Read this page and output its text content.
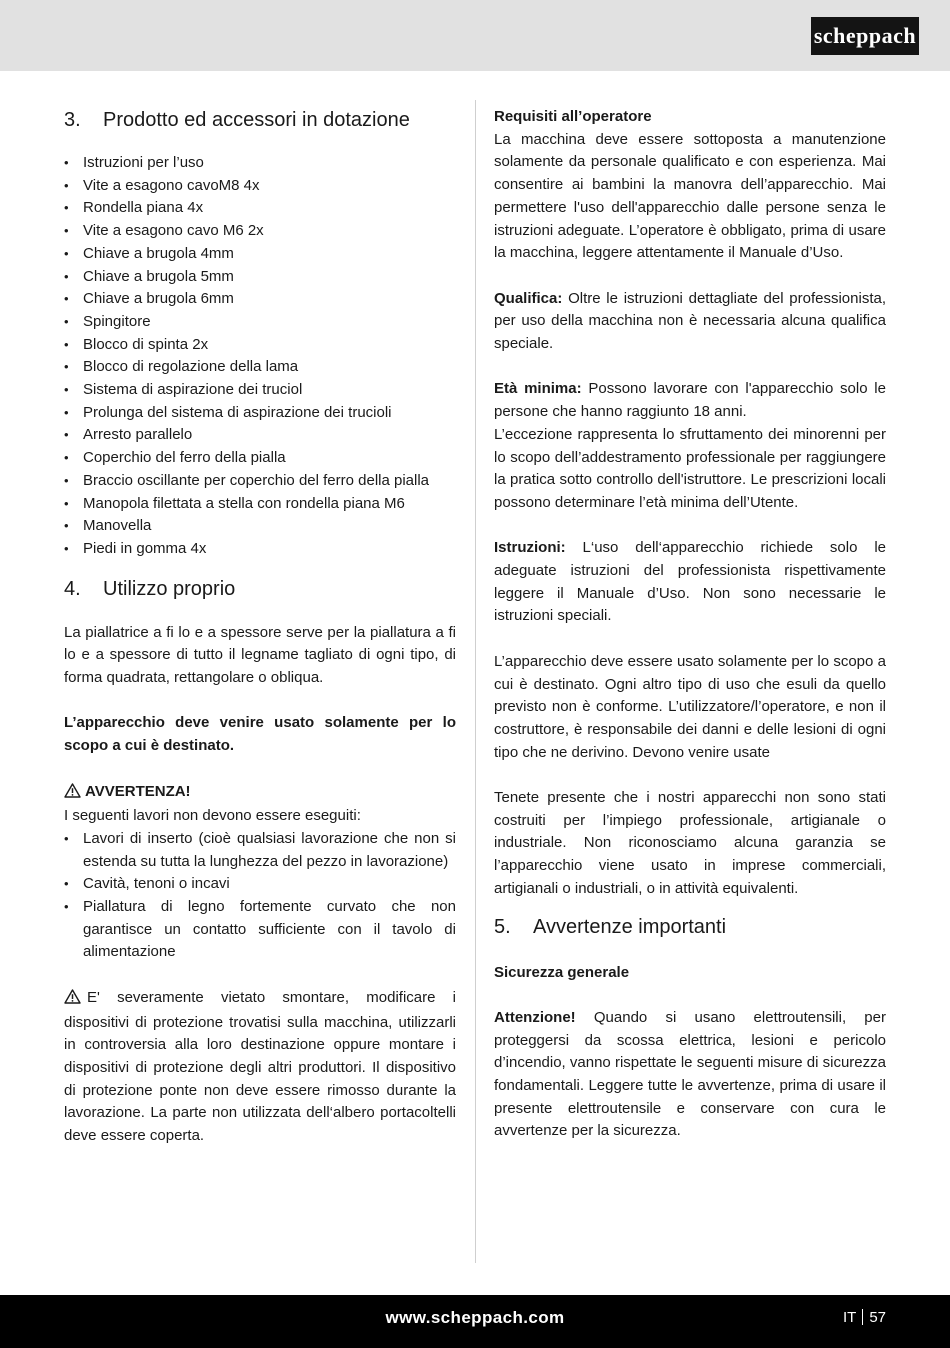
scheppach
3.	Prodotto ed accessori in dotazione
• Istruzioni per l’uso
• Vite a esagono cavoM8 4x
• Rondella piana 4x
• Vite a esagono cavo M6 2x
• Chiave a brugola 4mm
• Chiave a brugola 5mm
• Chiave a brugola 6mm
• Spingitore
• Blocco di spinta 2x
• Blocco di regolazione della lama
• Sistema di aspirazione dei truciol
• Prolunga del sistema di aspirazione dei trucioli
• Arresto parallelo
• Coperchio del ferro della pialla
• Braccio oscillante per coperchio del ferro della pialla
• Manopola filettata a stella con rondella piana M6
• Manovella
• Piedi in gomma 4x
4.	Utilizzo proprio

La piallatrice a fi lo e a spessore serve per la piallatura a fi lo e a spessore di tutto il legname tagliato di ogni tipo, di forma quadrata, rettangolare o obliqua.

L’apparecchio deve venire usato solamente per lo scopo a cui è destinato.

AVVERTENZA!

I seguenti lavori non devono essere eseguiti:

• Lavori di inserto (cioè qualsiasi lavorazione che non si estenda su tutta la lunghezza del pezzo in lavorazione)
• Cavità, tenoni o incavi
• Piallatura di legno fortemente curvato che non garantisce un contatto sufficiente con il tavolo di alimentazione

E' severamente vietato smontare, modificare i dispositivi di protezione trovatisi sulla macchina, utilizzarli in controversia alla loro destinazione oppure montare i dispositivi di protezione degli altri produttori. Il dispositivo di protezione ponte non deve essere rimosso durante la lavorazione. La parte non utilizzata dell‘albero portacoltelli deve essere coperta.

Requisiti all’operatore

La macchina deve essere sottoposta a manutenzione solamente da personale qualificato e con esperienza. Mai consentire ai bambini la manovra dell’apparecchio. Mai permettere l'uso dell'apparecchio dalle persone senza le istruzioni adeguate. L’operatore è obbligato, prima di usare la macchina, leggere attentamente il Manuale d’Uso.

Qualifica: Oltre le istruzioni dettagliate del professionista, per uso della macchina non è necessaria alcuna qualifica speciale.

Età minima: Possono lavorare con l'apparecchio solo le persone che hanno raggiunto 18 anni.

L’eccezione rappresenta lo sfruttamento dei minorenni per lo scopo dell’addestramento professionale per raggiungere la pratica sotto controllo dell'istruttore. Le prescrizioni locali possono determinare l’età minima dell’Utente.

Istruzioni: L‘uso dell‘apparecchio richiede solo le adeguate istruzioni del professionista rispettivamente leggere il Manuale d’Uso. Non sono necessarie le istruzioni speciali.

L’apparecchio deve essere usato solamente per lo scopo a cui è destinato. Ogni altro tipo di uso che esuli da quello previsto non è conforme. L’utilizzatore/l’operatore, e non il costruttore, è responsabile dei danni e delle lesioni di ogni tipo che ne derivino. Devono venire usate

Tenete presente che i nostri apparecchi non sono stati costruiti per l’impiego professionale, artigianale o industriale. Non riconosciamo alcuna garanzia se l’apparecchio viene usato in imprese commerciali, artigianali o industriali, o in attività equivalenti.

5.	Avvertenze importanti

Sicurezza generale

Attenzione! Quando si usano elettroutensili, per proteggersi da scossa elettrica, lesioni e pericolo d’incendio, vanno rispettate le seguenti misure di sicurezza fondamentali. Leggere tutte le avvertenze, prima di usare il presente elettroutensile e conservare con cura le avvertenze per la sicurezza.

www.scheppach.com	IT 57
